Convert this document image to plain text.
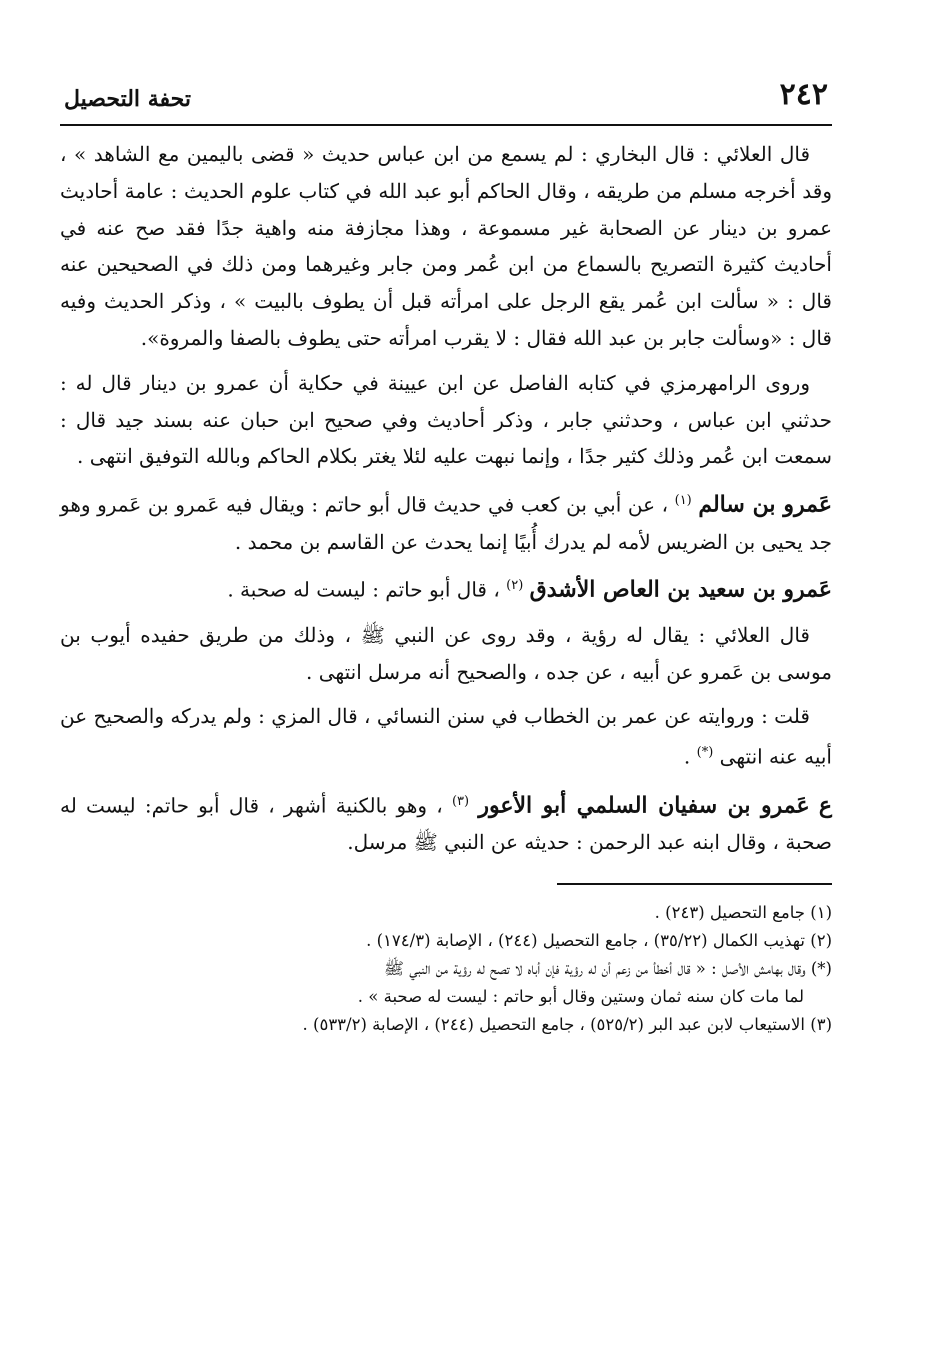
٢٤٢
تحفة التحصيل

قال العلائي : قال البخاري : لم يسمع من ابن عباس حديث « قضى باليمين مع الشاهد » ، وقد أخرجه مسلم من طريقه ، وقال الحاكم أبو عبد الله في كتاب علوم الحديث : عامة أحاديث عمرو بن دينار عن الصحابة غير مسموعة ، وهذا مجازفة منه واهية جدًا فقد صح عنه في أحاديث كثيرة التصريح بالسماع من ابن عُمر ومن جابر وغيرهما ومن ذلك في الصحيحين عنه قال : « سألت ابن عُمر يقع الرجل على امرأته قبل أن يطوف بالبيت » ، وذكر الحديث وفيه قال : «وسألت جابر بن عبد الله فقال : لا يقرب امرأته حتى يطوف بالصفا والمروة».

وروى الرامهرمزي في كتابه الفاصل عن ابن عيينة في حكاية أن عمرو بن دينار قال له : حدثني ابن عباس ، وحدثني جابر ، وذكر أحاديث وفي صحيح ابن حبان عنه بسند جيد قال : سمعت ابن عُمر وذلك كثير جدًا ، وإنما نبهت عليه لئلا يغتر بكلام الحاكم وبالله التوفيق انتهى .

عَمرو بن سالم $^{(١)}$ ، عن أبي بن كعب في حديث قال أبو حاتم : ويقال فيه عَمرو بن عَمرو وهو جد يحيى بن الضريس لأمه لم يدرك أُبيًا إنما يحدث عن القاسم بن محمد .

عَمرو بن سعيد بن العاص الأشدق $^{(٢)}$ ، قال أبو حاتم : ليست له صحبة .

قال العلائي : يقال له رؤية ، وقد روى عن النبي ﷺ ، وذلك من طريق حفيده أيوب بن موسى بن عَمرو عن أبيه ، عن جده ، والصحيح أنه مرسل انتهى .

قلت : وروايته عن عمر بن الخطاب في سنن النسائي ، قال المزي : ولم يدركه والصحيح عن أبيه عنه انتهى (*) .

ع عَمرو بن سفيان السلمي أبو الأعور $^{(٣)}$ ، وهو بالكنية أشهر ، قال أبو حاتم: ليست له صحبة ، وقال ابنه عبد الرحمن : حديثه عن النبي ﷺ مرسل.

(١) جامع التحصيل (٢٤٣) .

(٢) تهذيب الكمال (٣٥/٢٢) ، جامع التحصيل (٢٤٤) ، الإصابة (١٧٤/٣) .

(*) وقال بهامش الأصل : « قال أخطأ من زعم أن له رؤية فإن أباه لا تصح له رؤية من النبي ﷺ

لما مات كان سنه ثمان وستين وقال أبو حاتم : ليست له صحبة » .

(٣) الاستيعاب لابن عبد البر (٥٢٥/٢) ، جامع التحصيل (٢٤٤) ، الإصابة (٥٣٣/٢) .
